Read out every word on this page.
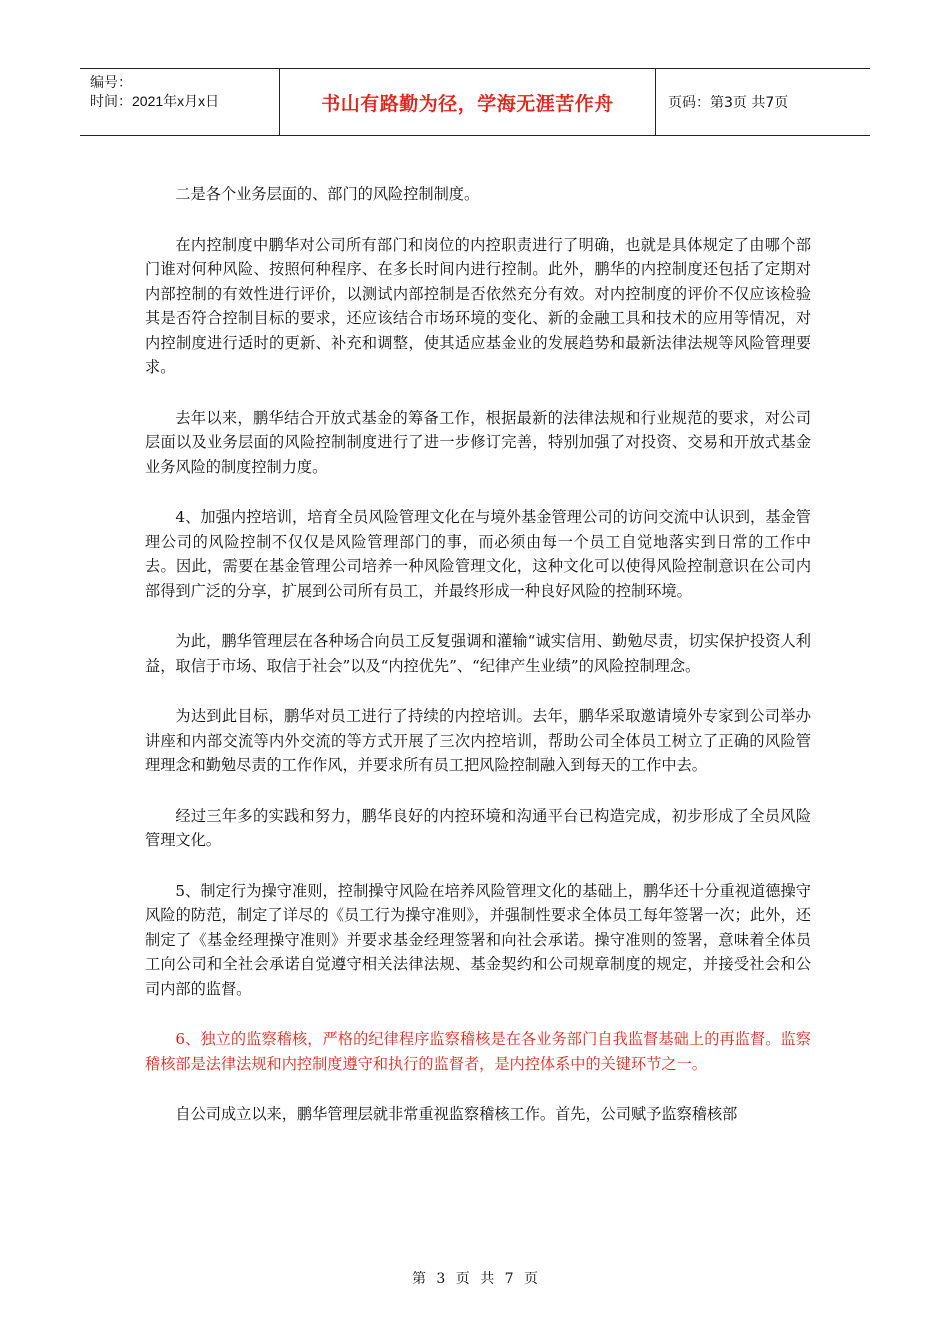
编号：
时间：2021年x月x日	书山有路勤为径，学海无涯苦作舟	页码：第3页 共7页

二是各个业务层面的、部门的风险控制制度。

在内控制度中鹏华对公司所有部门和岗位的内控职责进行了明确，也就是具体规定了由哪个部门谁对何种风险、按照何种程序、在多长时间内进行控制。此外，鹏华的内控制度还包括了定期对内部控制的有效性进行评价，以测试内部控制是否依然充分有效。对内控制度的评价不仅应该检验其是否符合控制目标的要求，还应该结合市场环境的变化、新的金融工具和技术的应用等情况，对内控制度进行适时的更新、补充和调整，使其适应基金业的发展趋势和最新法律法规等风险管理要求。

去年以来，鹏华结合开放式基金的筹备工作，根据最新的法律法规和行业规范的要求，对公司层面以及业务层面的风险控制制度进行了进一步修订完善，特别加强了对投资、交易和开放式基金业务风险的制度控制力度。

4、加强内控培训，培育全员风险管理文化在与境外基金管理公司的访问交流中认识到，基金管理公司的风险控制不仅仅是风险管理部门的事，而必须由每一个员工自觉地落实到日常的工作中去。因此，需要在基金管理公司培养一种风险管理文化，这种文化可以使得风险控制意识在公司内部得到广泛的分享，扩展到公司所有员工，并最终形成一种良好风险的控制环境。

为此，鹏华管理层在各种场合向员工反复强调和灌输“诚实信用、勤勉尽责，切实保护投资人利益，取信于市场、取信于社会”以及“内控优先”、“纪律产生业绩”的风险控制理念。

为达到此目标，鹏华对员工进行了持续的内控培训。去年，鹏华采取邀请境外专家到公司举办讲座和内部交流等内外交流的等方式开展了三次内控培训，帮助公司全体员工树立了正确的风险管理理念和勤勉尽责的工作作风，并要求所有员工把风险控制融入到每天的工作中去。

经过三年多的实践和努力，鹏华良好的内控环境和沟通平台已构造完成，初步形成了全员风险管理文化。

5、制定行为操守准则，控制操守风险在培养风险管理文化的基础上，鹏华还十分重视道德操守风险的防范，制定了详尽的《员工行为操守准则》，并强制性要求全体员工每年签署一次；此外，还制定了《基金经理操守准则》并要求基金经理签署和向社会承诺。操守准则的签署，意味着全体员工向公司和全社会承诺自觉遵守相关法律法规、基金契约和公司规章制度的规定，并接受社会和公司内部的监督。

6、独立的监察稽核，严格的纪律程序监察稽核是在各业务部门自我监督基础上的再监督。监察稽核部是法律法规和内控制度遵守和执行的监督者，是内控体系中的关键环节之一。

自公司成立以来，鹏华管理层就非常重视监察稽核工作。首先，公司赋予监察稽核部

第 3 页 共 7 页
